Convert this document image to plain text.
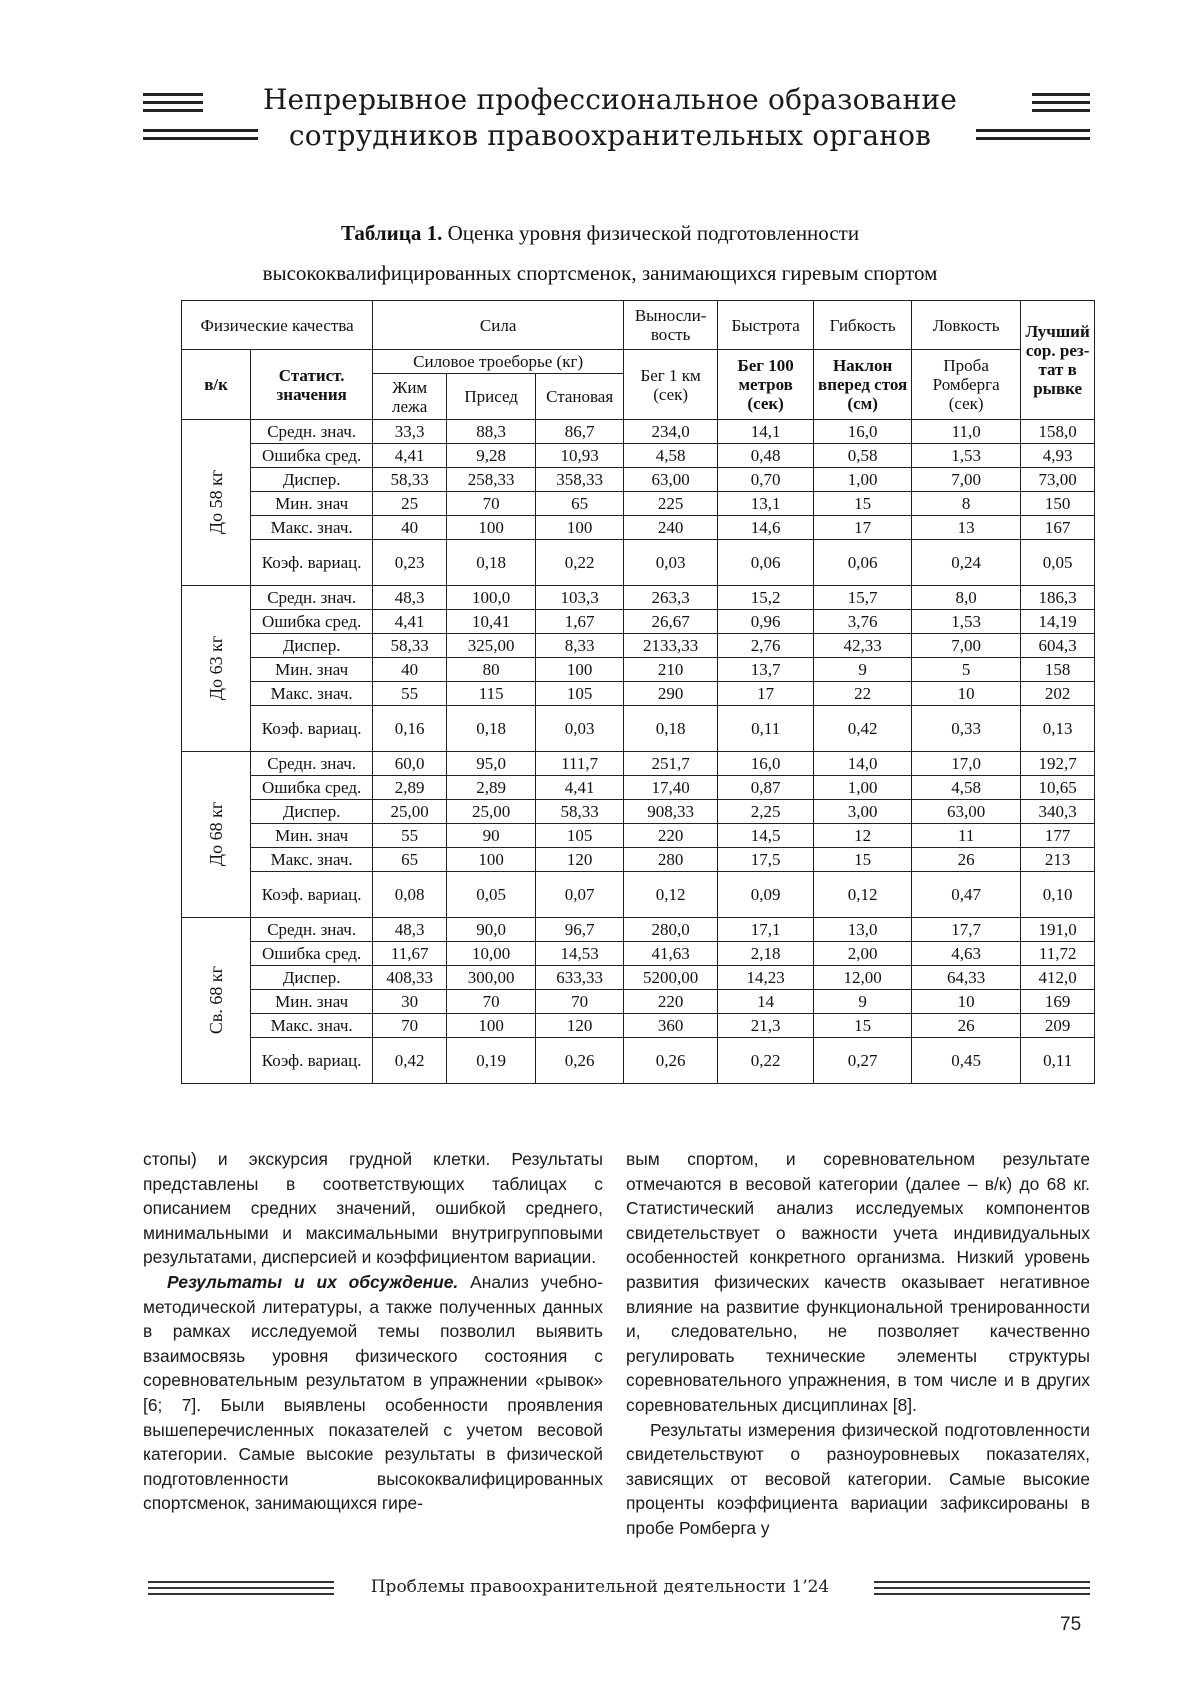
Непрерывное профессиональное образование
сотрудников правоохранительных органов
Таблица 1. Оценка уровня физической подготовленности
высококвалифицированных спортсменок, занимающихся гиревым спортом
Физические качества		Сила			Выносли-вость	Быстрота	Гибкость	Ловкость	Лучший сор. рез-тат в рывке
в/к	Статист. значения	Силовое троеборье (кг)			Бег 1 км (сек)	Бег 100 метров (сек)	Наклон вперед стоя (см)	Проба Ромберга (сек)	
		Жим лежа	Присед	Становая					
До 58 кг	Средн. знач.	33,3	88,3	86,7	234,0	14,1	16,0	11,0	158,0
	Ошибка сред.	4,41	9,28	10,93	4,58	0,48	0,58	1,53	4,93
	Диспер.	58,33	258,33	358,33	63,00	0,70	1,00	7,00	73,00
	Мин. знач	25	70	65	225	13,1	15	8	150
	Макс. знач.	40	100	100	240	14,6	17	13	167
	Коэф. вариац.	0,23	0,18	0,22	0,03	0,06	0,06	0,24	0,05
До 63 кг	Средн. знач.	48,3	100,0	103,3	263,3	15,2	15,7	8,0	186,3
	Ошибка сред.	4,41	10,41	1,67	26,67	0,96	3,76	1,53	14,19
	Диспер.	58,33	325,00	8,33	2133,33	2,76	42,33	7,00	604,3
	Мин. знач	40	80	100	210	13,7	9	5	158
	Макс. знач.	55	115	105	290	17	22	10	202
	Коэф. вариац.	0,16	0,18	0,03	0,18	0,11	0,42	0,33	0,13
До 68 кг	Средн. знач.	60,0	95,0	111,7	251,7	16,0	14,0	17,0	192,7
	Ошибка сред.	2,89	2,89	4,41	17,40	0,87	1,00	4,58	10,65
	Диспер.	25,00	25,00	58,33	908,33	2,25	3,00	63,00	340,3
	Мин. знач	55	90	105	220	14,5	12	11	177
	Макс. знач.	65	100	120	280	17,5	15	26	213
	Коэф. вариац.	0,08	0,05	0,07	0,12	0,09	0,12	0,47	0,10
Св. 68 кг	Средн. знач.	48,3	90,0	96,7	280,0	17,1	13,0	17,7	191,0
	Ошибка сред.	11,67	10,00	14,53	41,63	2,18	2,00	4,63	11,72
	Диспер.	408,33	300,00	633,33	5200,00	14,23	12,00	64,33	412,0
	Мин. знач	30	70	70	220	14	9	10	169
	Макс. знач.	70	100	120	360	21,3	15	26	209
	Коэф. вариац.	0,42	0,19	0,26	0,26	0,22	0,27	0,45	0,11

стопы) и экскурсия грудной клетки. Результаты представлены в соответствующих таблицах с описанием средних значений, ошибкой среднего, минимальными и максимальными внутригрупповыми результатами, дисперсией и коэффициентом вариации.

Результаты и их обсуждение. Анализ учебно-методической литературы, а также полученных данных в рамках исследуемой темы позволил выявить взаимосвязь уровня физического состояния с соревновательным результатом в упражнении «рывок» [6; 7]. Были выявлены особенности проявления вышеперечисленных показателей с учетом весовой категории. Самые высокие результаты в физической подготовленности высококвалифицированных спортсменок, занимающихся гире-

вым спортом, и соревновательном результате отмечаются в весовой категории (далее – в/к) до 68 кг. Статистический анализ исследуемых компонентов свидетельствует о важности учета индивидуальных особенностей конкретного организма. Низкий уровень развития физических качеств оказывает негативное влияние на развитие функциональной тренированности и, следовательно, не позволяет качественно регулировать технические элементы структуры соревновательного упражнения, в том числе и в других соревновательных дисциплинах [8].

Результаты измерения физической подготовленности свидетельствуют о разноуровневых показателях, зависящих от весовой категории. Самые высокие проценты коэффициента вариации зафиксированы в пробе Ромберга у

Проблемы правоохранительной деятельности 1’24
75
